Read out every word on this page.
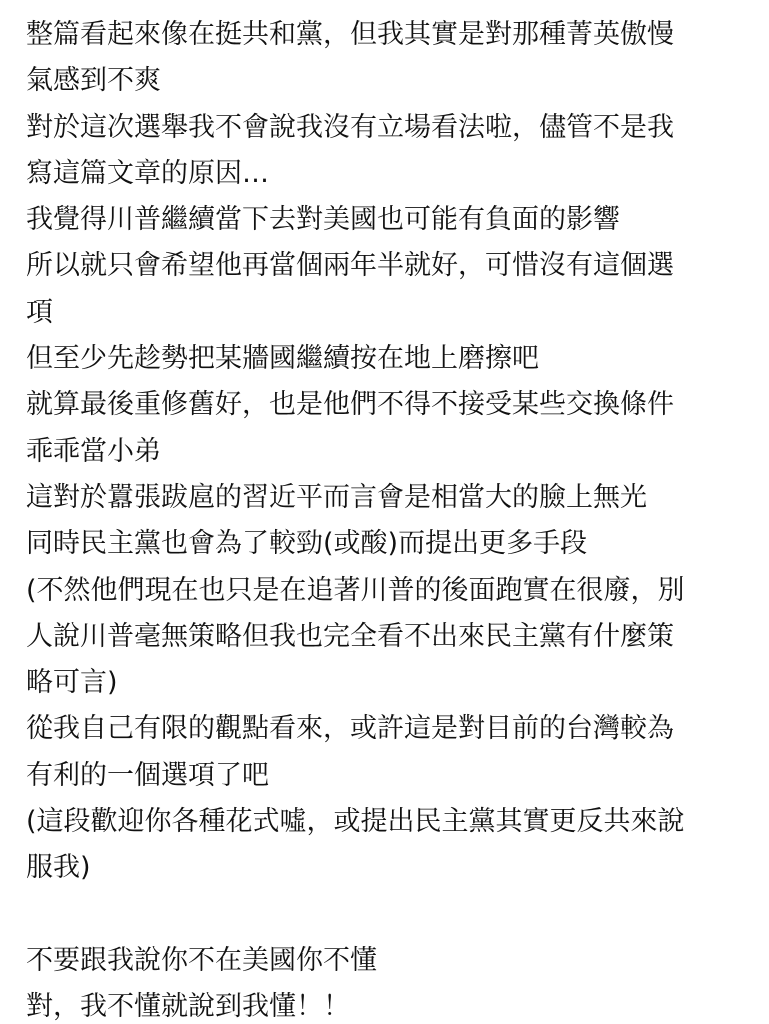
整篇看起來像在挺共和黨，但我其實是對那種菁英傲慢
氣感到不爽
對於這次選舉我不會說我沒有立場看法啦，儘管不是我
寫這篇文章的原因…
我覺得川普繼續當下去對美國也可能有負面的影響
所以就只會希望他再當個兩年半就好，可惜沒有這個選
項
但至少先趁勢把某牆國繼續按在地上磨擦吧
就算最後重修舊好，也是他們不得不接受某些交換條件
乖乖當小弟
這對於囂張跋扈的習近平而言會是相當大的臉上無光
同時民主黨也會為了較勁(或酸)而提出更多手段
(不然他們現在也只是在追著川普的後面跑實在很廢，別
人說川普毫無策略但我也完全看不出來民主黨有什麼策
略可言)
從我自己有限的觀點看來，或許這是對目前的台灣較為
有利的一個選項了吧
(這段歡迎你各種花式噓，或提出民主黨其實更反共來說
服我)
不要跟我說你不在美國你不懂
對，我不懂就說到我懂！！
